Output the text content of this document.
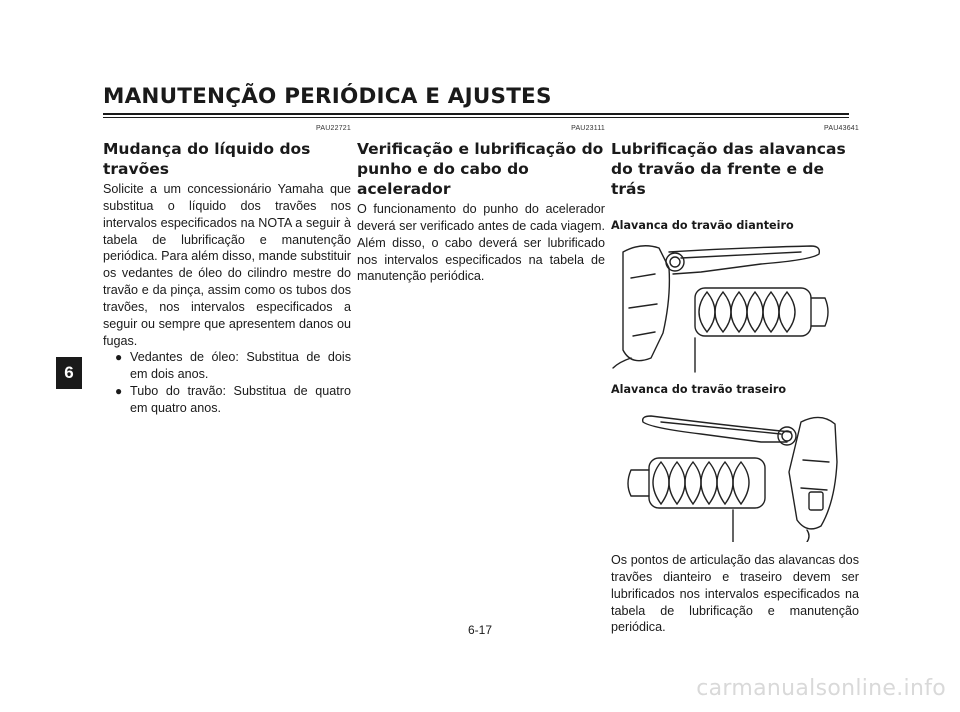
MANUTENÇÃO PERIÓDICA E AJUSTES
6
PAU22721
Mudança do líquido dos travões

Solicite a um concessionário Yamaha que substitua o líquido dos travões nos intervalos especificados na NOTA a seguir à tabela de lubrificação e manutenção periódica. Para além disso, mande substituir os vedantes de óleo do cilindro mestre do travão e da pinça, assim como os tubos dos travões, nos intervalos especificados a seguir ou sempre que apresentem danos ou fugas.

● Vedantes de óleo: Substitua de dois em dois anos.
● Tubo do travão: Substitua de quatro em quatro anos.
PAU23111
Verificação e lubrificação do punho e do cabo do acelerador

O funcionamento do punho do acelerador deverá ser verificado antes de cada viagem. Além disso, o cabo deverá ser lubrificado nos intervalos especificados na tabela de manutenção periódica.

PAU43641
Lubrificação das alavancas do travão da frente e de trás
Alavanca do travão dianteiro
Alavanca do travão traseiro

Os pontos de articulação das alavancas dos travões dianteiro e traseiro devem ser lubrificados nos intervalos especificados na tabela de lubrificação e manutenção periódica.

6-17
carmanualsonline.info
